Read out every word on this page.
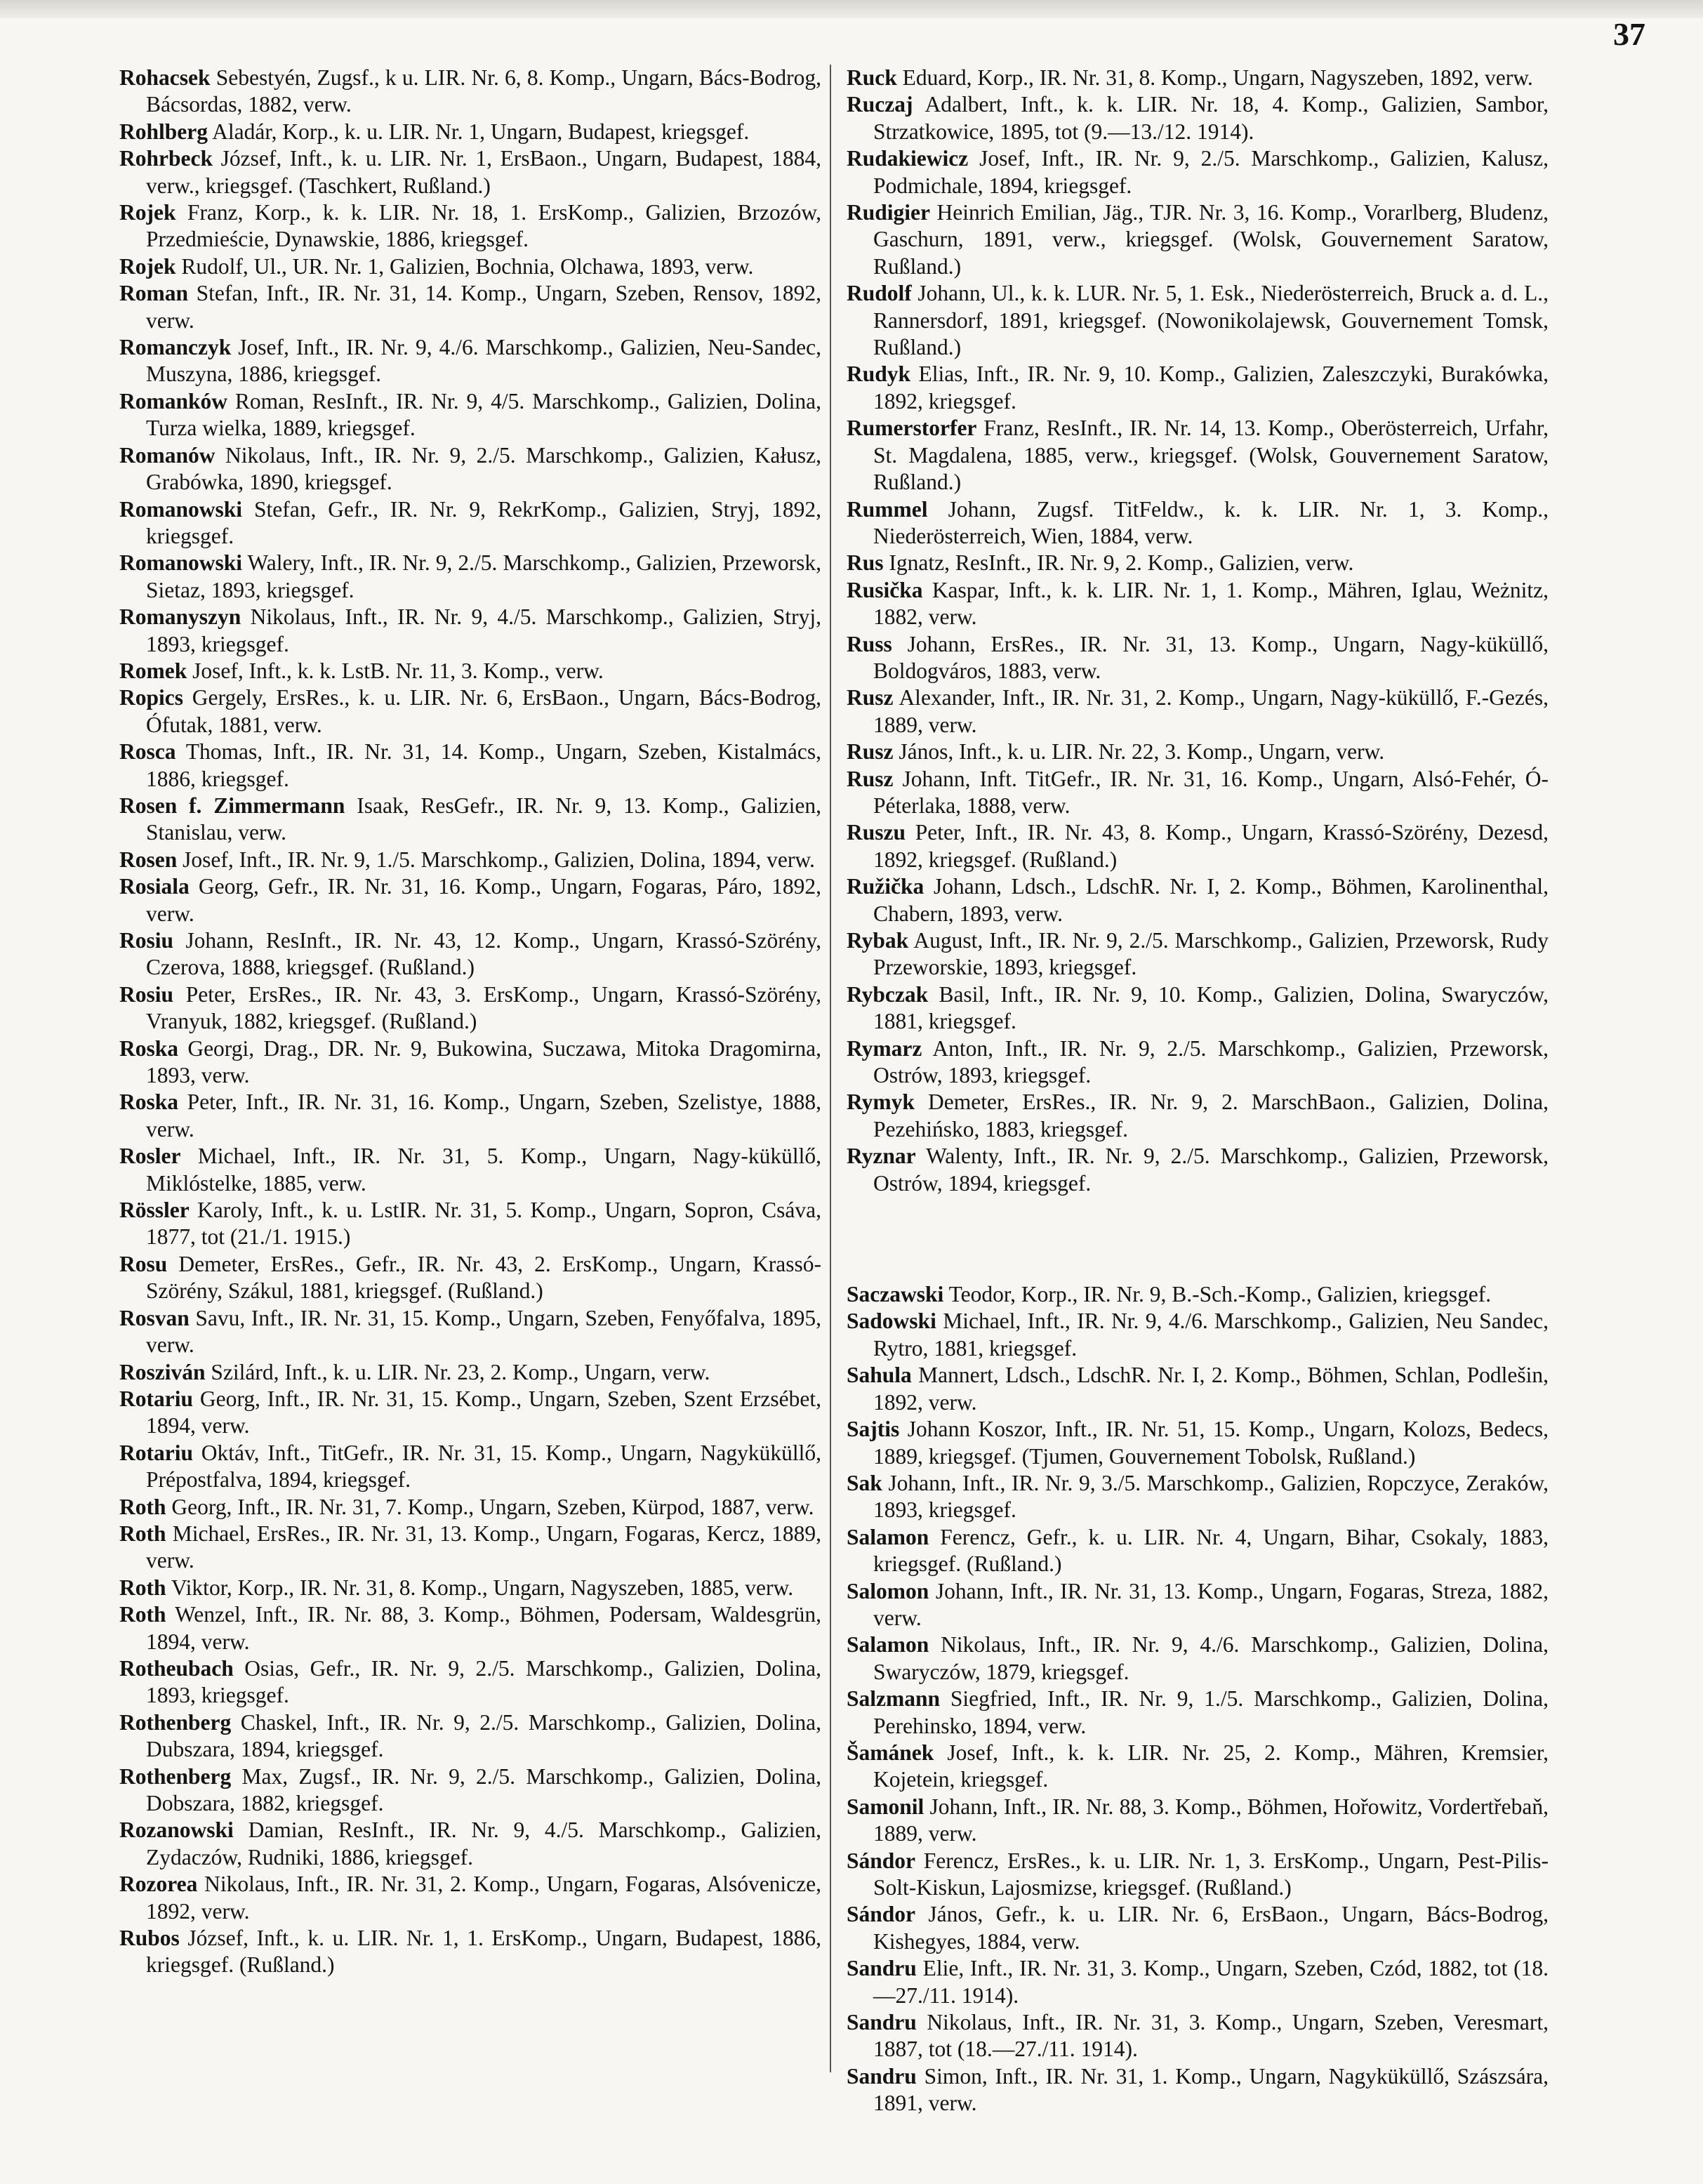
37
Rohacsek Sebestyén, Zugsf., k u. LIR. Nr. 6, 8. Komp., Ungarn, Bács-Bodrog, Bácsordas, 1882, verw.
Rohlberg Aladár, Korp., k. u. LIR. Nr. 1, Ungarn, Budapest, kriegsgef.
Rohrbeck József, Inft., k. u. LIR. Nr. 1, ErsBaon., Ungarn, Budapest, 1884, verw., kriegsgef. (Taschkert, Rußland.)
Rojek Franz, Korp., k. k. LIR. Nr. 18, 1. ErsKomp., Galizien, Brzozów, Przedmieście, Dynawskie, 1886, kriegsgef.
Rojek Rudolf, Ul., UR. Nr. 1, Galizien, Bochnia, Olchawa, 1893, verw.
Roman Stefan, Inft., IR. Nr. 31, 14. Komp., Ungarn, Szeben, Rensov, 1892, verw.
Romanczyk Josef, Inft., IR. Nr. 9, 4./6. Marschkomp., Galizien, Neu-Sandec, Muszyna, 1886, kriegsgef.
Romanków Roman, ResInft., IR. Nr. 9, 4/5. Marschkomp., Galizien, Dolina, Turza wielka, 1889, kriegsgef.
Romanów Nikolaus, Inft., IR. Nr. 9, 2./5. Marschkomp., Galizien, Kałusz, Grabówka, 1890, kriegsgef.
Romanowski Stefan, Gefr., IR. Nr. 9, RekrKomp., Galizien, Stryj, 1892, kriegsgef.
Romanowski Walery, Inft., IR. Nr. 9, 2./5. Marschkomp., Galizien, Przeworsk, Sietaz, 1893, kriegsgef.
Romanyszyn Nikolaus, Inft., IR. Nr. 9, 4./5. Marschkomp., Galizien, Stryj, 1893, kriegsgef.
Romek Josef, Inft., k. k. LstB. Nr. 11, 3. Komp., verw.
Ropics Gergely, ErsRes., k. u. LIR. Nr. 6, ErsBaon., Ungarn, Bács-Bodrog, Ófutak, 1881, verw.
Rosca Thomas, Inft., IR. Nr. 31, 14. Komp., Ungarn, Szeben, Kistalmács, 1886, kriegsgef.
Rosen f. Zimmermann Isaak, ResGefr., IR. Nr. 9, 13. Komp., Galizien, Stanislau, verw.
Rosen Josef, Inft., IR. Nr. 9, 1./5. Marschkomp., Galizien, Dolina, 1894, verw.
Rosiala Georg, Gefr., IR. Nr. 31, 16. Komp., Ungarn, Fogaras, Páro, 1892, verw.
Rosiu Johann, ResInft., IR. Nr. 43, 12. Komp., Ungarn, Krassó-Szörény, Czerova, 1888, kriegsgef. (Rußland.)
Rosiu Peter, ErsRes., IR. Nr. 43, 3. ErsKomp., Ungarn, Krassó-Szörény, Vranyuk, 1882, kriegsgef. (Rußland.)
Roska Georgi, Drag., DR. Nr. 9, Bukowina, Suczawa, Mitoka Dragomirna, 1893, verw.
Roska Peter, Inft., IR. Nr. 31, 16. Komp., Ungarn, Szeben, Szelistye, 1888, verw.
Rosler Michael, Inft., IR. Nr. 31, 5. Komp., Ungarn, Nagy-küküllő, Miklóstelke, 1885, verw.
Rössler Karoly, Inft., k. u. LstIR. Nr. 31, 5. Komp., Ungarn, Sopron, Csáva, 1877, tot (21./1. 1915.)
Rosu Demeter, ErsRes., Gefr., IR. Nr. 43, 2. ErsKomp., Ungarn, Krassó-Szörény, Szákul, 1881, kriegsgef. (Rußland.)
Rosvan Savu, Inft., IR. Nr. 31, 15. Komp., Ungarn, Szeben, Fenyőfalva, 1895, verw.
Rosziván Szilárd, Inft., k. u. LIR. Nr. 23, 2. Komp., Ungarn, verw.
Rotariu Georg, Inft., IR. Nr. 31, 15. Komp., Ungarn, Szeben, Szent Erzsébet, 1894, verw.
Rotariu Oktáv, Inft., TitGefr., IR. Nr. 31, 15. Komp., Ungarn, Nagyküküllő, Prépostfalva, 1894, kriegsgef.
Roth Georg, Inft., IR. Nr. 31, 7. Komp., Ungarn, Szeben, Kürpod, 1887, verw.
Roth Michael, ErsRes., IR. Nr. 31, 13. Komp., Ungarn, Fogaras, Kercz, 1889, verw.
Roth Viktor, Korp., IR. Nr. 31, 8. Komp., Ungarn, Nagyszeben, 1885, verw.
Roth Wenzel, Inft., IR. Nr. 88, 3. Komp., Böhmen, Podersam, Waldesgrün, 1894, verw.
Rotheubach Osias, Gefr., IR. Nr. 9, 2./5. Marschkomp., Galizien, Dolina, 1893, kriegsgef.
Rothenberg Chaskel, Inft., IR. Nr. 9, 2./5. Marschkomp., Galizien, Dolina, Dubszara, 1894, kriegsgef.
Rothenberg Max, Zugsf., IR. Nr. 9, 2./5. Marschkomp., Galizien, Dolina, Dobszara, 1882, kriegsgef.
Rozanowski Damian, ResInft., IR. Nr. 9, 4./5. Marschkomp., Galizien, Zydaczów, Rudniki, 1886, kriegsgef.
Rozorea Nikolaus, Inft., IR. Nr. 31, 2. Komp., Ungarn, Fogaras, Alsóvenicze, 1892, verw.
Rubos József, Inft., k. u. LIR. Nr. 1, 1. ErsKomp., Ungarn, Budapest, 1886, kriegsgef. (Rußland.)
Ruck Eduard, Korp., IR. Nr. 31, 8. Komp., Ungarn, Nagyszeben, 1892, verw.
Ruczaj Adalbert, Inft., k. k. LIR. Nr. 18, 4. Komp., Galizien, Sambor, Strzatkowice, 1895, tot (9.—13./12. 1914).
Rudakiewicz Josef, Inft., IR. Nr. 9, 2./5. Marschkomp., Galizien, Kalusz, Podmichale, 1894, kriegsgef.
Rudigier Heinrich Emilian, Jäg., TJR. Nr. 3, 16. Komp., Vorarlberg, Bludenz, Gaschurn, 1891, verw., kriegsgef. (Wolsk, Gouvernement Saratow, Rußland.)
Rudolf Johann, Ul., k. k. LUR. Nr. 5, 1. Esk., Niederösterreich, Bruck a. d. L., Rannersdorf, 1891, kriegsgef. (Nowonikolajewsk, Gouvernement Tomsk, Rußland.)
Rudyk Elias, Inft., IR. Nr. 9, 10. Komp., Galizien, Zaleszczyki, Burakówka, 1892, kriegsgef.
Rumerstorfer Franz, ResInft., IR. Nr. 14, 13. Komp., Oberösterreich, Urfahr, St. Magdalena, 1885, verw., kriegsgef. (Wolsk, Gouvernement Saratow, Rußland.)
Rummel Johann, Zugsf. TitFeldw., k. k. LIR. Nr. 1, 3. Komp., Niederösterreich, Wien, 1884, verw.
Rus Ignatz, ResInft., IR. Nr. 9, 2. Komp., Galizien, verw.
Rusička Kaspar, Inft., k. k. LIR. Nr. 1, 1. Komp., Mähren, Iglau, Weżnitz, 1882, verw.
Russ Johann, ErsRes., IR. Nr. 31, 13. Komp., Ungarn, Nagy-küküllő, Boldogváros, 1883, verw.
Rusz Alexander, Inft., IR. Nr. 31, 2. Komp., Ungarn, Nagy-küküllő, F.-Gezés, 1889, verw.
Rusz János, Inft., k. u. LIR. Nr. 22, 3. Komp., Ungarn, verw.
Rusz Johann, Inft. TitGefr., IR. Nr. 31, 16. Komp., Ungarn, Alsó-Fehér, Ó-Péterlaka, 1888, verw.
Ruszu Peter, Inft., IR. Nr. 43, 8. Komp., Ungarn, Krassó-Szörény, Dezesd, 1892, kriegsgef. (Rußland.)
Ružička Johann, Ldsch., LdschR. Nr. I, 2. Komp., Böhmen, Karolinenthal, Chabern, 1893, verw.
Rybak August, Inft., IR. Nr. 9, 2./5. Marschkomp., Galizien, Przeworsk, Rudy Przeworskie, 1893, kriegsgef.
Rybczak Basil, Inft., IR. Nr. 9, 10. Komp., Galizien, Dolina, Swaryczów, 1881, kriegsgef.
Rymarz Anton, Inft., IR. Nr. 9, 2./5. Marschkomp., Galizien, Przeworsk, Ostrów, 1893, kriegsgef.
Rymyk Demeter, ErsRes., IR. Nr. 9, 2. MarschBaon., Galizien, Dolina, Pezehińsko, 1883, kriegsgef.
Ryznar Walenty, Inft., IR. Nr. 9, 2./5. Marschkomp., Galizien, Przeworsk, Ostrów, 1894, kriegsgef.
Saczawski Teodor, Korp., IR. Nr. 9, B.-Sch.-Komp., Galizien, kriegsgef.
Sadowski Michael, Inft., IR. Nr. 9, 4./6. Marschkomp., Galizien, Neu Sandec, Rytro, 1881, kriegsgef.
Sahula Mannert, Ldsch., LdschR. Nr. I, 2. Komp., Böhmen, Schlan, Podlešin, 1892, verw.
Sajtis Johann Koszor, Inft., IR. Nr. 51, 15. Komp., Ungarn, Kolozs, Bedecs, 1889, kriegsgef. (Tjumen, Gouvernement Tobolsk, Rußland.)
Sak Johann, Inft., IR. Nr. 9, 3./5. Marschkomp., Galizien, Ropczyce, Zeraków, 1893, kriegsgef.
Salamon Ferencz, Gefr., k. u. LIR. Nr. 4, Ungarn, Bihar, Csokaly, 1883, kriegsgef. (Rußland.)
Salomon Johann, Inft., IR. Nr. 31, 13. Komp., Ungarn, Fogaras, Streza, 1882, verw.
Salamon Nikolaus, Inft., IR. Nr. 9, 4./6. Marschkomp., Galizien, Dolina, Swaryczów, 1879, kriegsgef.
Salzmann Siegfried, Inft., IR. Nr. 9, 1./5. Marschkomp., Galizien, Dolina, Perehinsko, 1894, verw.
Šamánek Josef, Inft., k. k. LIR. Nr. 25, 2. Komp., Mähren, Kremsier, Kojetein, kriegsgef.
Samonil Johann, Inft., IR. Nr. 88, 3. Komp., Böhmen, Hořowitz, Vordertřebaň, 1889, verw.
Sándor Ferencz, ErsRes., k. u. LIR. Nr. 1, 3. ErsKomp., Ungarn, Pest-Pilis-Solt-Kiskun, Lajosmizse, kriegsgef. (Rußland.)
Sándor János, Gefr., k. u. LIR. Nr. 6, ErsBaon., Ungarn, Bács-Bodrog, Kishegyes, 1884, verw.
Sandru Elie, Inft., IR. Nr. 31, 3. Komp., Ungarn, Szeben, Czód, 1882, tot (18.—27./11. 1914).
Sandru Nikolaus, Inft., IR. Nr. 31, 3. Komp., Ungarn, Szeben, Veresmart, 1887, tot (18.—27./11. 1914).
Sandru Simon, Inft., IR. Nr. 31, 1. Komp., Ungarn, Nagyküküllő, Szászsára, 1891, verw.
